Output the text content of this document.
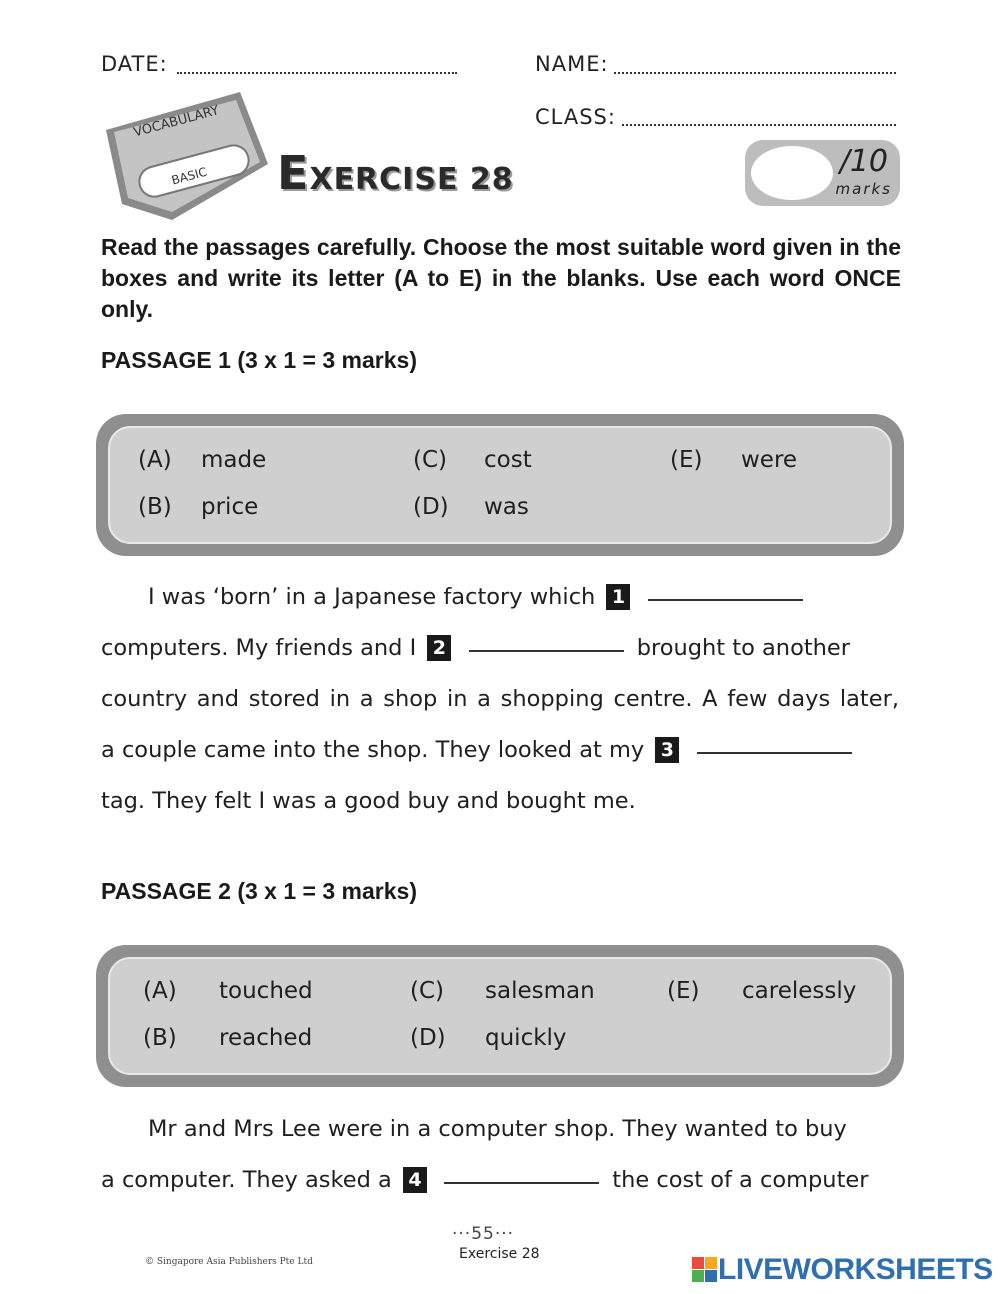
DATE:	NAME:
CLASS:
VOCABULARY
BASIC EXERCISE 28
/10
marks
Read the passages carefully. Choose the most suitable word given in the boxes and write its letter (A to E) in the blanks. Use each word ONCE only.
PASSAGE 1 (3 x 1 = 3 marks)
(A) made
(B) price
(C) cost
(D) was
(E) were
I was ‘born’ in a Japanese factory which 1
computers. My friends and I 2	brought to another
country and stored in a shop in a shopping centre. A few days later,
a couple came into the shop. They looked at my 3
tag. They felt I was a good buy and bought me.
PASSAGE 2 (3 x 1 = 3 marks)
(A) touched
(B) reached
(C) salesman
(D) quickly
(E) carelessly
Mr and Mrs Lee were in a computer shop. They wanted to buy
a computer. They asked a 4	the cost of a computer
···55···
Exercise 28
© Singapore Asia Publishers Pte Ltd	LIVEWORKSHEETS
